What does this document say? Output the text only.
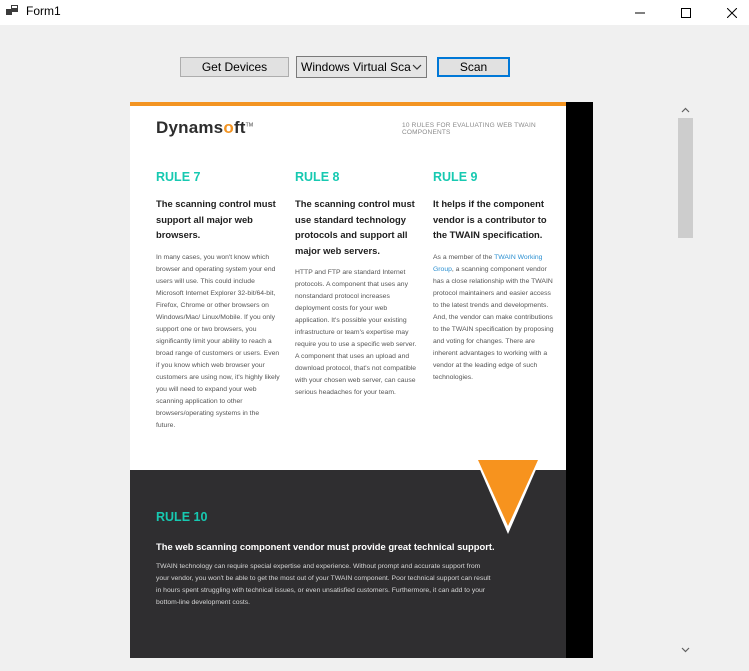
Form1
Get Devices	Windows Virtual Sca	Scan
Dynamsoft™	10 RULES FOR EVALUATING WEB TWAIN COMPONENTS
RULE 7
The scanning control must support all major web browsers.
In many cases, you won't know which browser and operating system your end users will use. This could include Microsoft Internet Explorer 32-bit/64-bit, Firefox, Chrome or other browsers on Windows/Mac/ Linux/Mobile. If you only support one or two browsers, you significantly limit your ability to reach a broad range of customers or users. Even if you know which web browser your customers are using now, it's highly likely you will need to expand your web scanning application to other browsers/operating systems in the future.
RULE 8
The scanning control must use standard technology protocols and support all major web servers.
HTTP and FTP are standard Internet protocols. A component that uses any nonstandard protocol increases deployment costs for your web application. It's possible your existing infrastructure or team's expertise may require you to use a specific web server. A component that uses an upload and download protocol, that's not compatible with your chosen web server, can cause serious headaches for your team.
RULE 9
It helps if the component vendor is a contributor to the TWAIN specification.
As a member of the TWAIN Working Group, a scanning component vendor has a close relationship with the TWAIN protocol maintainers and easier access to the latest trends and developments. And, the vendor can make contributions to the TWAIN specification by proposing and voting for changes. There are inherent advantages to working with a vendor at the leading edge of such technologies.
RULE 10
The web scanning component vendor must provide great technical support.
TWAIN technology can require special expertise and experience. Without prompt and accurate support from your vendor, you won't be able to get the most out of your TWAIN component. Poor technical support can result in hours spent struggling with technical issues, or even unsatisfied customers. Furthermore, it can add to your bottom-line development costs.
